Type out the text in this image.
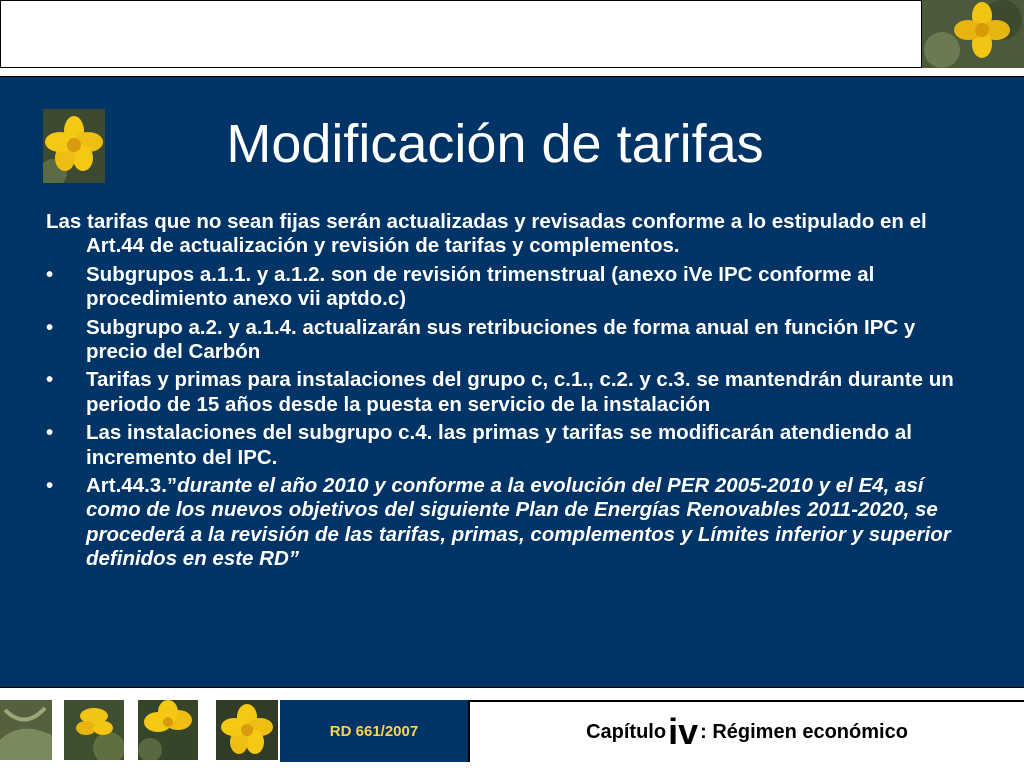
Modificación de tarifas

Las tarifas que no sean fijas serán actualizadas y revisadas conforme a lo estipulado en el Art.44 de actualización y revisión de tarifas y complementos.

•	Subgrupos a.1.1. y a.1.2. son de revisión trimenstrual (anexo iVe IPC conforme al procedimiento anexo vii aptdo.c)
•	Subgrupo a.2. y a.1.4. actualizarán sus retribuciones de forma anual en función IPC y precio del Carbón
•	Tarifas y primas para instalaciones del grupo c, c.1., c.2. y c.3. se mantendrán durante un periodo de 15 años desde la puesta en servicio de la instalación
•	Las instalaciones del subgrupo c.4. las primas y tarifas se modificarán atendiendo al incremento del IPC.
•	Art.44.3.”durante el año 2010 y conforme a la evolución del PER 2005-2010 y el E4, así como de los nuevos objetivos del siguiente Plan de Energías Renovables 2011-2020, se procederá a la revisión de las tarifas, primas, complementos y Límites inferior y superior definidos en este RD”
RD 661/2007	Capítulo iv : Régimen económico
